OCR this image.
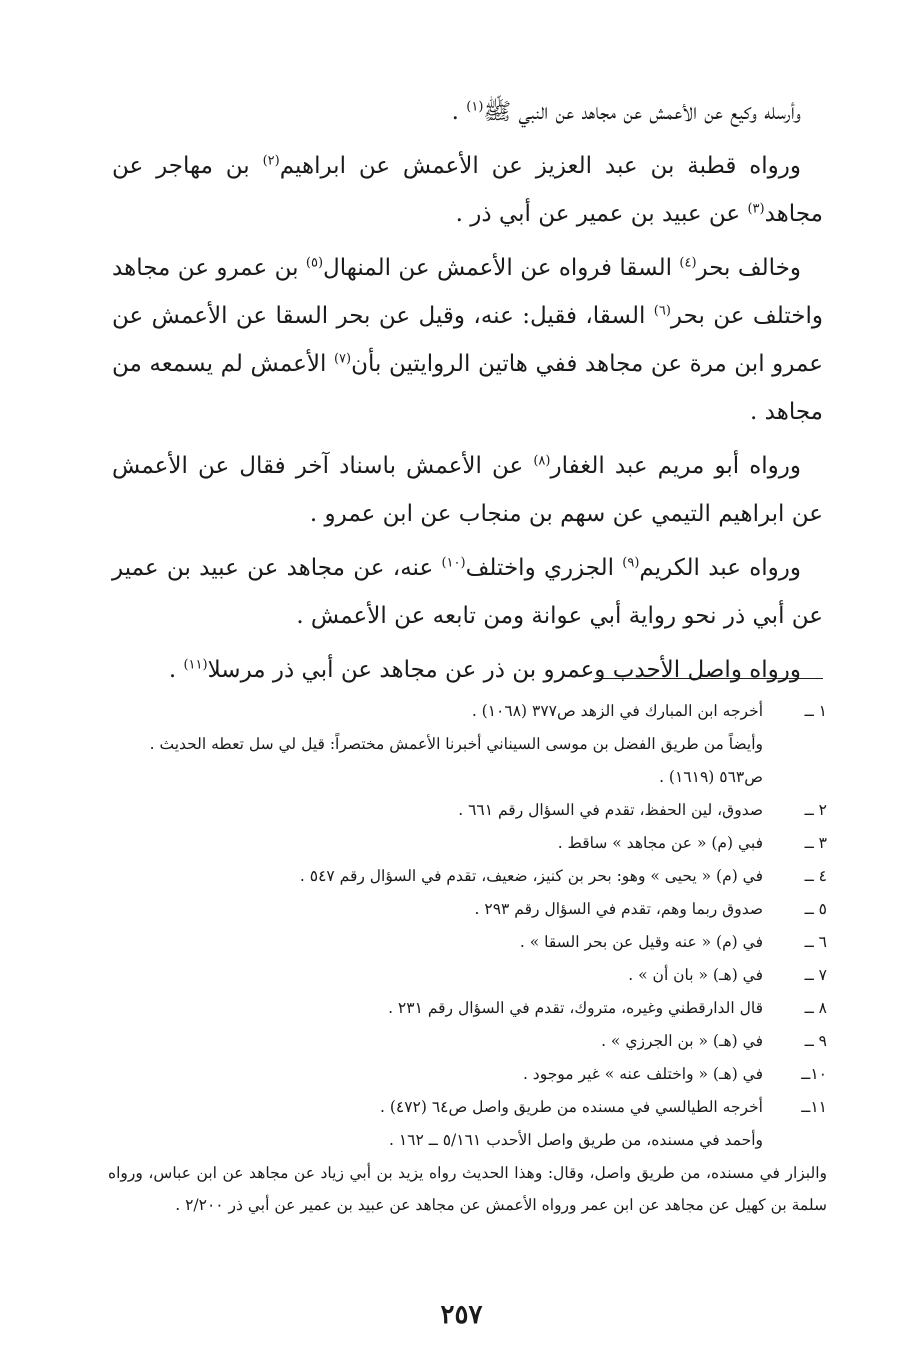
وأرسله وكيع عن الأعمش عن مجاهد عن النبي ﷺ$^{(١)}$ .

ورواه قطبة بن عبد العزيز عن الأعمش عن ابراهيم$^{(٢)}$ بن مهاجر عن مجاهد$^{(٣)}$ عن عبيد بن عمير عن أبي ذر .

وخالف بحر$^{(٤)}$ السقا فرواه عن الأعمش عن المنهال$^{(٥)}$ بن عمرو عن مجاهد واختلف عن بحر$^{(٦)}$ السقا، فقيل: عنه، وقيل عن بحر السقا عن الأعمش عن عمرو ابن مرة عن مجاهد ففي هاتين الروايتين بأن$^{(٧)}$ الأعمش لم يسمعه من مجاهد .

ورواه أبو مريم عبد الغفار$^{(٨)}$ عن الأعمش باسناد آخر فقال عن الأعمش عن ابراهيم التيمي عن سهم بن منجاب عن ابن عمرو .

ورواه عبد الكريم$^{(٩)}$ الجزري واختلف$^{(١٠)}$ عنه، عن مجاهد عن عبيد بن عمير عن أبي ذر نحو رواية أبي عوانة ومن تابعه عن الأعمش .

ورواه واصل الأحدب وعمرو بن ذر عن مجاهد عن أبي ذر مرسلا$^{(١١)}$ .

١ ــ
أخرجه ابن المبارك في الزهد ص٣٧٧ (١٠٦٨) .
وأيضاً من طريق الفضل بن موسى السيناني أخبرنا الأعمش مختصراً: قيل لي سل تعطه الحديث .
ص٥٦٣ (١٦١٩) .
٢ ــ
صدوق، لين الحفظ، تقدم في السؤال رقم ٦٦١ .
٣ ــ
فبي (م) « عن مجاهد » ساقط .
٤ ــ
في (م) « يحيى » وهو: بحر بن كنيز، ضعيف، تقدم في السؤال رقم ٥٤٧ .
٥ ــ
صدوق ربما وهم، تقدم في السؤال رقم ٢٩٣ .
٦ ــ
في (م) « عنه وقيل عن بحر السقا » .
٧ ــ
في (هـ) « بان أن » .
٨ ــ
قال الدارقطني وغيره، متروك، تقدم في السؤال رقم ٢٣١ .
٩ ــ
في (هـ) « بن الجرزي » .
١٠ــ
في (هـ) « واختلف عنه » غير موجود .
١١ــ
أخرجه الطيالسي في مسنده من طريق واصل ص٦٤ (٤٧٢) .
وأحمد في مسنده، من طريق واصل الأحدب ٥/١٦١ ــ ١٦٢ .
والبزار في مسنده، من طريق واصل، وقال: وهذا الحديث رواه يزيد بن أبي زياد عن مجاهد عن ابن عباس، ورواه سلمة بن كهيل عن مجاهد عن ابن عمر ورواه الأعمش عن مجاهد عن عبيد بن عمير عن أبي ذر ٢/٢٠٠ .
٢٥٧
